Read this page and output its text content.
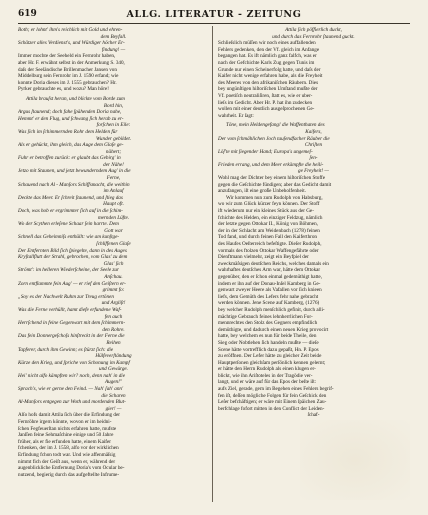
619	ALLG. LITERATUR - ZEITUNG
Both; er lohnt' ihm's reichlich mit Gold und ehren-
dem Beyfall.
Schätzer alles Verdienst's, und Würdiger höcher Er-
findung! —
Immer mochte der Seeheld ein Fernrohr haben,
aber Hr. F. erwähnt selbst in der Anmerkung S. 340,
daſs der Seeländische Brillenmacher Jansen von
Middelburg sein Fernrohr im J. 1590 erfand; wie
konnte Doria dieses im J. 1555 gebrauchen? Hr.
Pyrker gebrauchte es, und wozu? Man höre!
Attila brauſst heran, und blickte vom Borde zum
Bord hin,
Argus ſtaunend; doch fahe ſpähenden Doria nahe,
Hemmt' er den Flug, und ſchwang ſich herab zu er-
forſchen in Eile:
Was ſich im ſchimmernden Rohr dem Helden für
Wunder gebildet.
Als er gehückt, ihm gleich, das Auge dem Glaſe ge-
nähert;
Fuhr er betroffen zurück: er glaubt das Gebirg' in
der Nähe!
Jetzo mit Staunen, und jetzt bewunderndem Aug' in die
Ferne,
Schauend nach Al - Manſors Schiffsmacht, die weithin
im Anlauf
Deckte das Meer. Er ſchreit ſtaunend, und ſtieg das
Haupt oft.
Doch, was hob er ergrimmter ſich auf in die ſchim-
mernden Lüfte.
Wo der Scythen erleſene Schaar ſein harrte. Dem
Gott war
Schnell das Geheimniſs enthüllt: wie am kunſtge-
ſchliffenen Glaſe
Der Entfernten Bild ſich ſpiegelte, dann in des Auges
Kryſtallflutt der Strahl, gebrochen, vom Glas' zu dem
Glas' ſich
Strömt': im helleren Wiederſcheine, der Seele zur
Anſchau.
Zorn entflammte fein Aug' — er rief den Geiſtern er-
grimmt fo:
„Soy es der Nachwelt Ruhm zur Treug ertönen
und Argliſt!
Was die Ferne verhüllt, hamt diefe erfundene Waf-
fen auch
Herrſchend in feine Gegenwart mit dem ſchimmern-
den Rohre.
Das fein Donnergeſchoſs hinſtreckt in der Ferne die
Reihen
Tapferer, durch ihm Gewinn; es ſtürzt ſich: die
Hülfeverſtändung
Kürze den Krieg, und ſpriche von Schonung im Kampf
und Gewürge.
Hei' nicht alfo kämpften wir? noch, denn nah' in die
Augen!"
Sprach's, wie er gerne den Feind. — Nah' ſah' ann'
die Scharen
Al-Manſors entgegen zur Woth und mordenden Blut-
gier! —
Alſo hofs damit Attila ſich über die Erfindung der
Fernröhre irgern könnte, wovon er im heidni-
ſchen Fegfeuerſtan nichts erfahren hatte, mufste
Janſſen feine Sehmaſchine einige und 50 Jahre
früher, als er fie erfunden hatte, einem Kaifer
fchenken, der im J. 1558, alfo vor der wirklichen
Erfindung fchon todt war. Und wie affenmäſsig
nimmt fich der Geiſt aus, wenn er, während der
augenblickliche Entfernung Doria's vom Ocular be-
nutzend, begierig durch das aufgeftellte Infrume-
Attila ſich pöffierlich duckt,
und durch das Fernrohr ſtaunend guckt.
Schlieſslich müſſen wir noch eines auffallenden
Fehlers gedenken, den der Vf. gleich im Anfange
begangen hat. Es ift nämlich ganz falfch, was er
nach der Gefchichte Karls Zug gegen Tunis im
Grunde nur einen Scheinerfolg hatte, und daſs der
Kaifer nicht wenige erfahren habe, als die Freyheit
des Meeres von den afrikaniſchen Räubern. Dies
bey ungünſtigen hiſtoriſchen Umſtand mußte der
Vf. poetiſch neutraliſiren, ſtatt es, wie er uber-
lieſs im Gedicht. Aber Hr. P. hat ihn zudecken
wollen mit einer deutlich ausgeſprochenen Ge-
wahrheit. Er ſagt:
Töne, mein Heldengefang! die Waffenthaten des
Kaifers,
Der vom ſchmählichen Joch tauſendfacher Räuber die
Chriſten
Löſ'te mit ſiegender Hand; Europa's ungemeſ-
ſen-
Frieden errang, und dem Meer erkämpfte die heili-
ge Freyheit! —
Wohl mag der Dichter bey einem hiſtoriſchen Stoffe
gegen die Geſchichte fündigen; aber das Gedicht damit
anzufangen, iſt eine große Unbeholfenheit.
Wir kommen nun zum Rudolph von Habsburg,
wo wir zum Glück kürzer feyn können. Der Stoff
ift wiederum nur ein kleines Stück aus der Ge-
fchichte des Helden, ein einziger Feldzug, nämlich
der letzte gegen Ottokar II., König von Böhmen,
der in der Schlacht am Weidenbach (1278) feinen
Tod fand, und durch feinen Fall den Kaiferthron
des Haufes Oeſterreich befeſtigte. Dieſer Rudolph,
vormals des ftolzen Ottokar Waffengefährte oder
Dienftmann vielmehr, zeigt ein Beyfpiel der
zweckmäſsigen deutſchen Reichs, welches damals ein
wahrhaftes deutſches Arm war, hätte dem Ottokar
gegenüber, den er ſchon einmal gedemüthigt hatte,
indem er ihn auf der Donau-Inſel Kamberg in Ge-
genwart zweyer Heere als Vafallen vor ſich knieen
liefs, dem Gemüth des Lefers fehr nahe gebracht
werden können. Jene Scene auf Kamberg, (1276)
bey welcher Rudolph menſchlich gefinit, durch alli-
mächtige Gebrauch feines lehnherrlichen For-
mennrechtes den Stolz des Gegners empfindlich
demüthigte, und dadurch einen neuen Krieg provocirt
hatte, bey welchem es nun für beide Theile, den
Sieg oder Nobtlehen ſich handeln mußte — dieſe
Scene hätte vortrefflich dazu gepaßt, Hn. P. Epos
zu eröffnen. Der Lefer hätte zu gleicher Zeit beide
Hauptperſonen gleichſam perſönlich kennen gelernt;
er hätte den Herrn Rudolph als einen klugen er-
blickt, wie ihn Ariſtoteles in der Tragödie ver-
langt, und er wäre auf für das Epos der beſte iſt:
aufs Ziel, gerade, gern im Begehen eines Fehlers begrif-
fen iſt, deſſen mögliche Folgen für fein Geſchick den
Leſer befchäftigen; er wäre mit Einem ſpäichen Zau-
berfchlage fofort mitten in den Conflict der Leiden-
ſchaf-
